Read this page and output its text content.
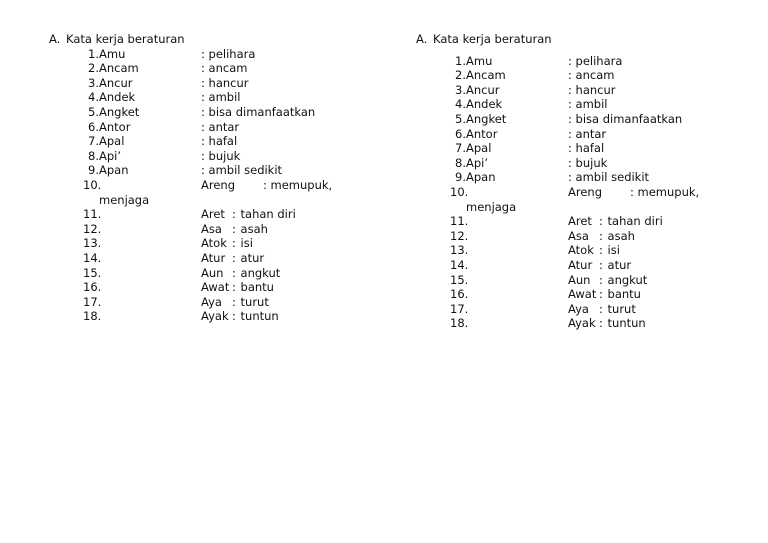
A. Kata kerja beraturan
1. Amu	: pelihara
2. Ancam	: ancam
3. Ancur	: hancur
4. Andek	: ambil
5. Angket	: bisa dimanfaatkan
6. Antor	: antar
7. Apal	: hafal
8. Api’	: bujuk
9. Apan	: ambil sedikit
10.	Areng : memupuk,
menjaga
11.	Aret : tahan diri
12.	Asa : asah
13.	Atok : isi
14.	Atur : atur
15.	Aun : angkut
16.	Awat : bantu
17.	Aya : turut
18.	Ayak : tuntun
A. Kata kerja beraturan
1. Amu	: pelihara
2. Ancam	: ancam
3. Ancur	: hancur
4. Andek	: ambil
5. Angket	: bisa dimanfaatkan
6. Antor	: antar
7. Apal	: hafal
8. Api’	: bujuk
9. Apan	: ambil sedikit
10.	Areng : memupuk,
menjaga
11.	Aret : tahan diri
12.	Asa : asah
13.	Atok : isi
14.	Atur : atur
15.	Aun : angkut
16.	Awat : bantu
17.	Aya : turut
18.	Ayak : tuntun
